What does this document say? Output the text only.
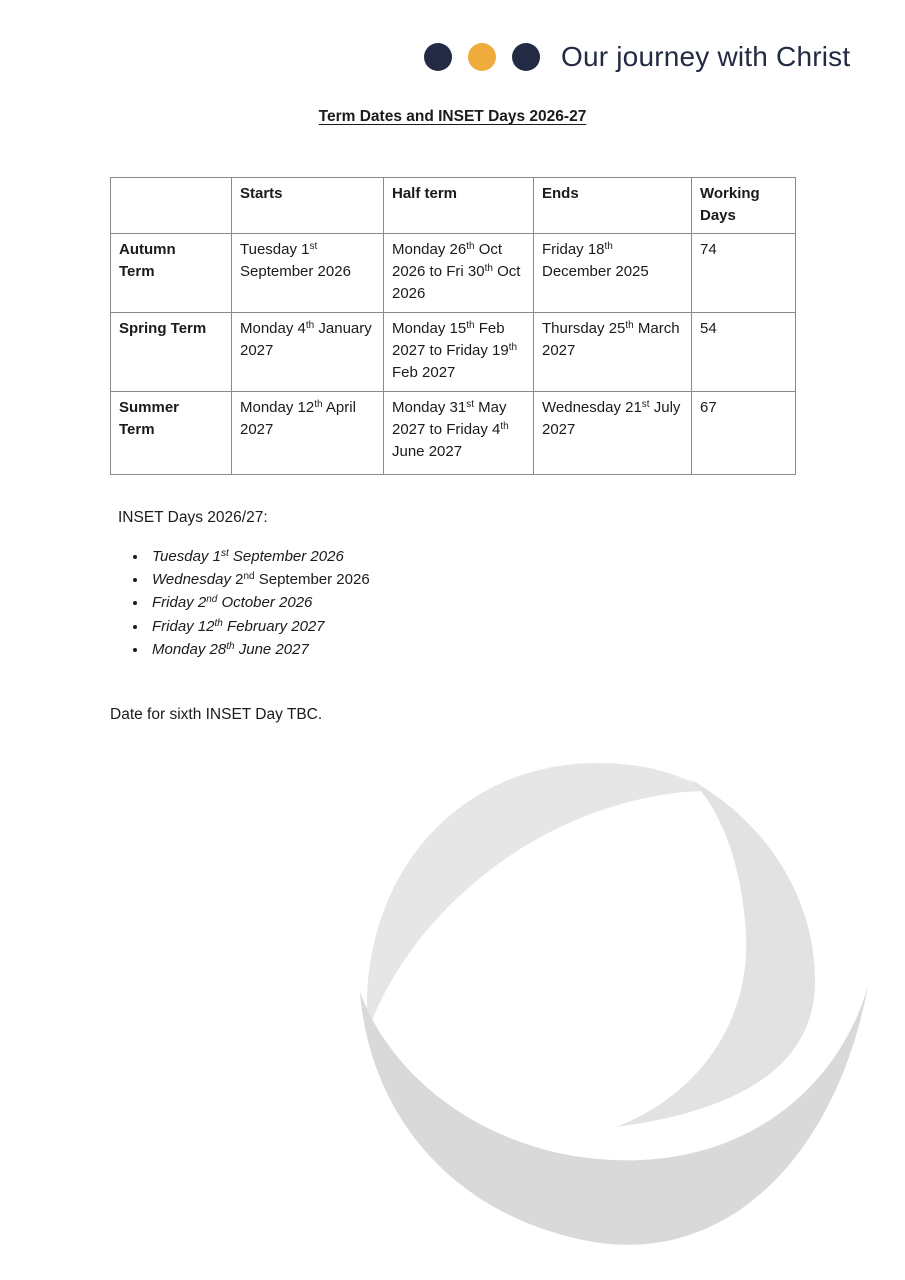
Our journey with Christ
Term Dates and INSET Days 2026-27
	Starts	Half term	Ends	Working Days
Autumn Term	Tuesday 1st September 2026	Monday 26th Oct 2026 to Fri 30th Oct 2026	Friday 18th December 2025	74
Spring Term	Monday 4th January 2027	Monday 15th Feb 2027 to Friday 19th Feb 2027	Thursday 25th March 2027	54
Summer Term	Monday 12th April 2027	Monday 31st May 2027 to Friday 4th June 2027	Wednesday 21st July 2027	67

INSET Days 2026/27:

• Tuesday 1st September 2026
• Wednesday 2nd September 2026
• Friday 2nd October 2026
• Friday 12th February 2027
• Monday 28th June 2027

Date for sixth INSET Day TBC.
